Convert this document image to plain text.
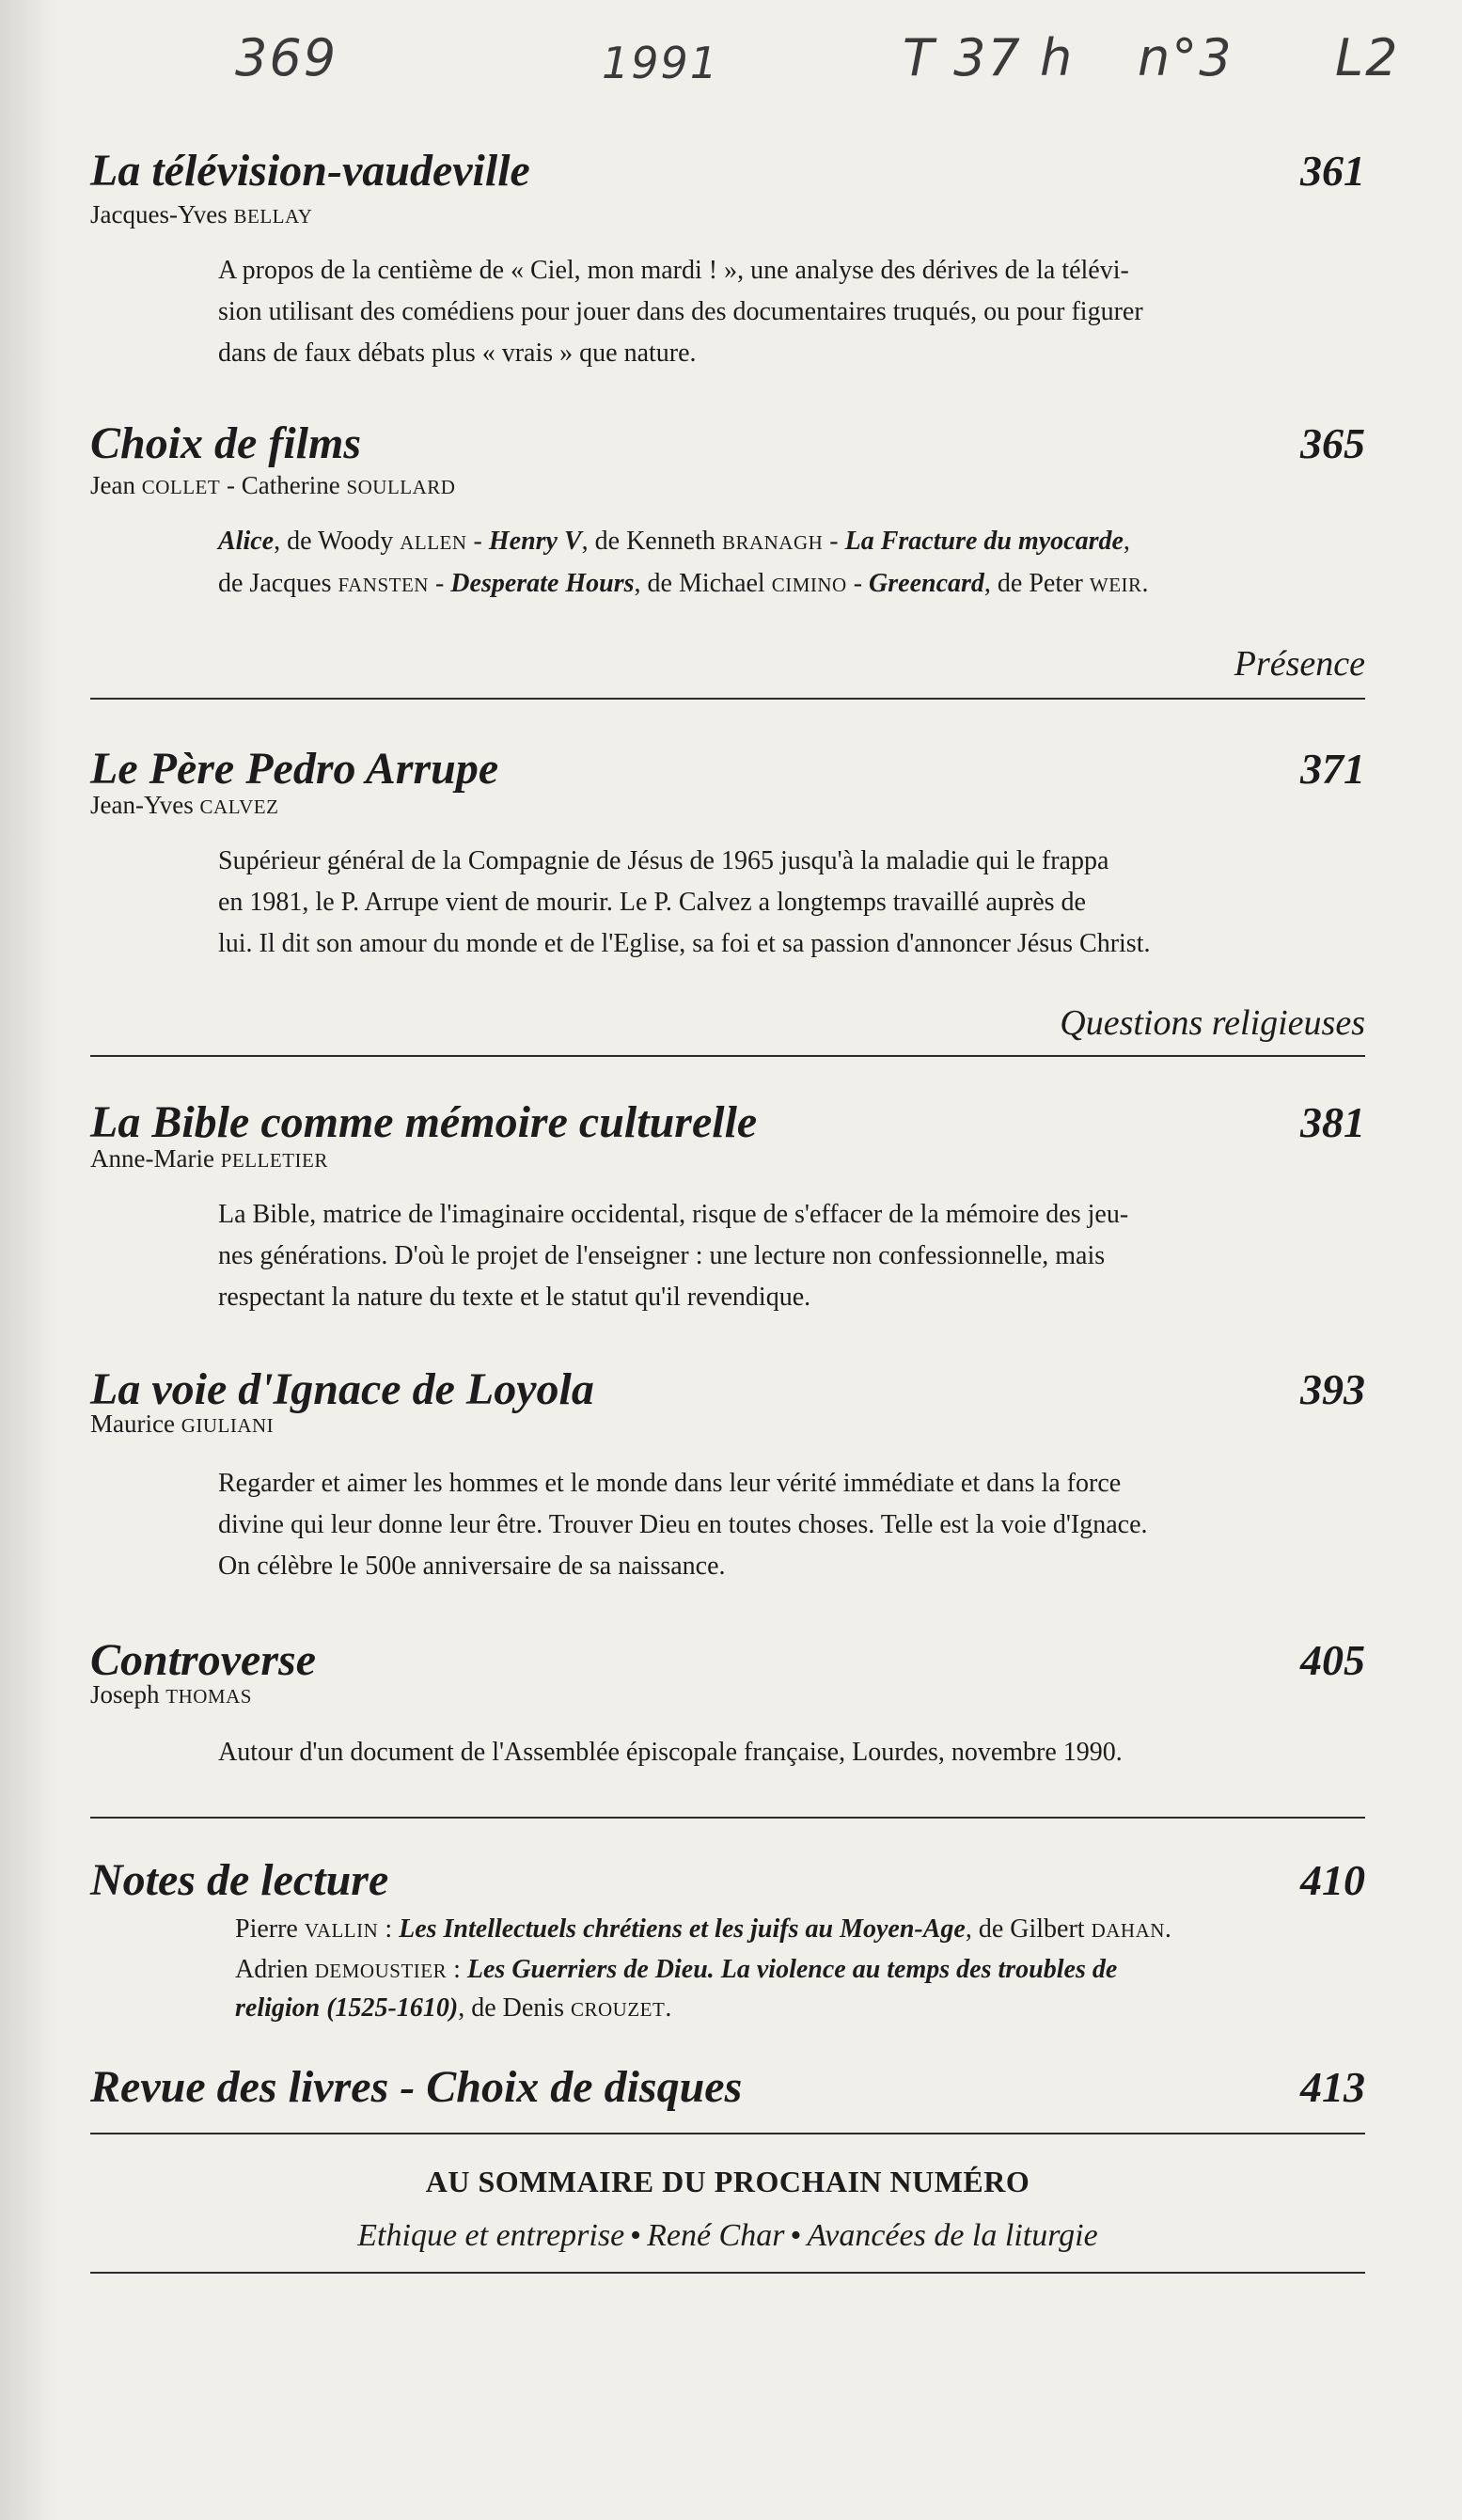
369	1991	T 37 h n°3 L2
La télévision-vaudeville	361
Jacques-Yves BELLAY
A propos de la centième de « Ciel, mon mardi ! », une analyse des dérives de la télévi-
sion utilisant des comédiens pour jouer dans des documentaires truqués, ou pour figurer
dans de faux débats plus « vrais » que nature.
Choix de films	365
Jean COLLET - Catherine SOULLARD
Alice, de Woody ALLEN - Henry V, de Kenneth BRANAGH - La Fracture du myocarde,
de Jacques FANSTEN - Desperate Hours, de Michael CIMINO - Greencard, de Peter WEIR.
Présence
Le Père Pedro Arrupe	371
Jean-Yves CALVEZ
Supérieur général de la Compagnie de Jésus de 1965 jusqu'à la maladie qui le frappa
en 1981, le P. Arrupe vient de mourir. Le P. Calvez a longtemps travaillé auprès de
lui. Il dit son amour du monde et de l'Eglise, sa foi et sa passion d'annoncer Jésus Christ.
Questions religieuses
La Bible comme mémoire culturelle	381
Anne-Marie PELLETIER
La Bible, matrice de l'imaginaire occidental, risque de s'effacer de la mémoire des jeu-
nes générations. D'où le projet de l'enseigner : une lecture non confessionnelle, mais
respectant la nature du texte et le statut qu'il revendique.
La voie d'Ignace de Loyola	393
Maurice GIULIANI
Regarder et aimer les hommes et le monde dans leur vérité immédiate et dans la force
divine qui leur donne leur être. Trouver Dieu en toutes choses. Telle est la voie d'Ignace.
On célèbre le 500e anniversaire de sa naissance.
Controverse	405
Joseph THOMAS
Autour d'un document de l'Assemblée épiscopale française, Lourdes, novembre 1990.
Notes de lecture	410
Pierre VALLIN : Les Intellectuels chrétiens et les juifs au Moyen-Age, de Gilbert DAHAN.
Adrien DEMOUSTIER : Les Guerriers de Dieu. La violence au temps des troubles de
religion (1525-1610), de Denis CROUZET.
Revue des livres - Choix de disques	413
AU SOMMAIRE DU PROCHAIN NUMÉRO
Ethique et entreprise • René Char • Avancées de la liturgie
